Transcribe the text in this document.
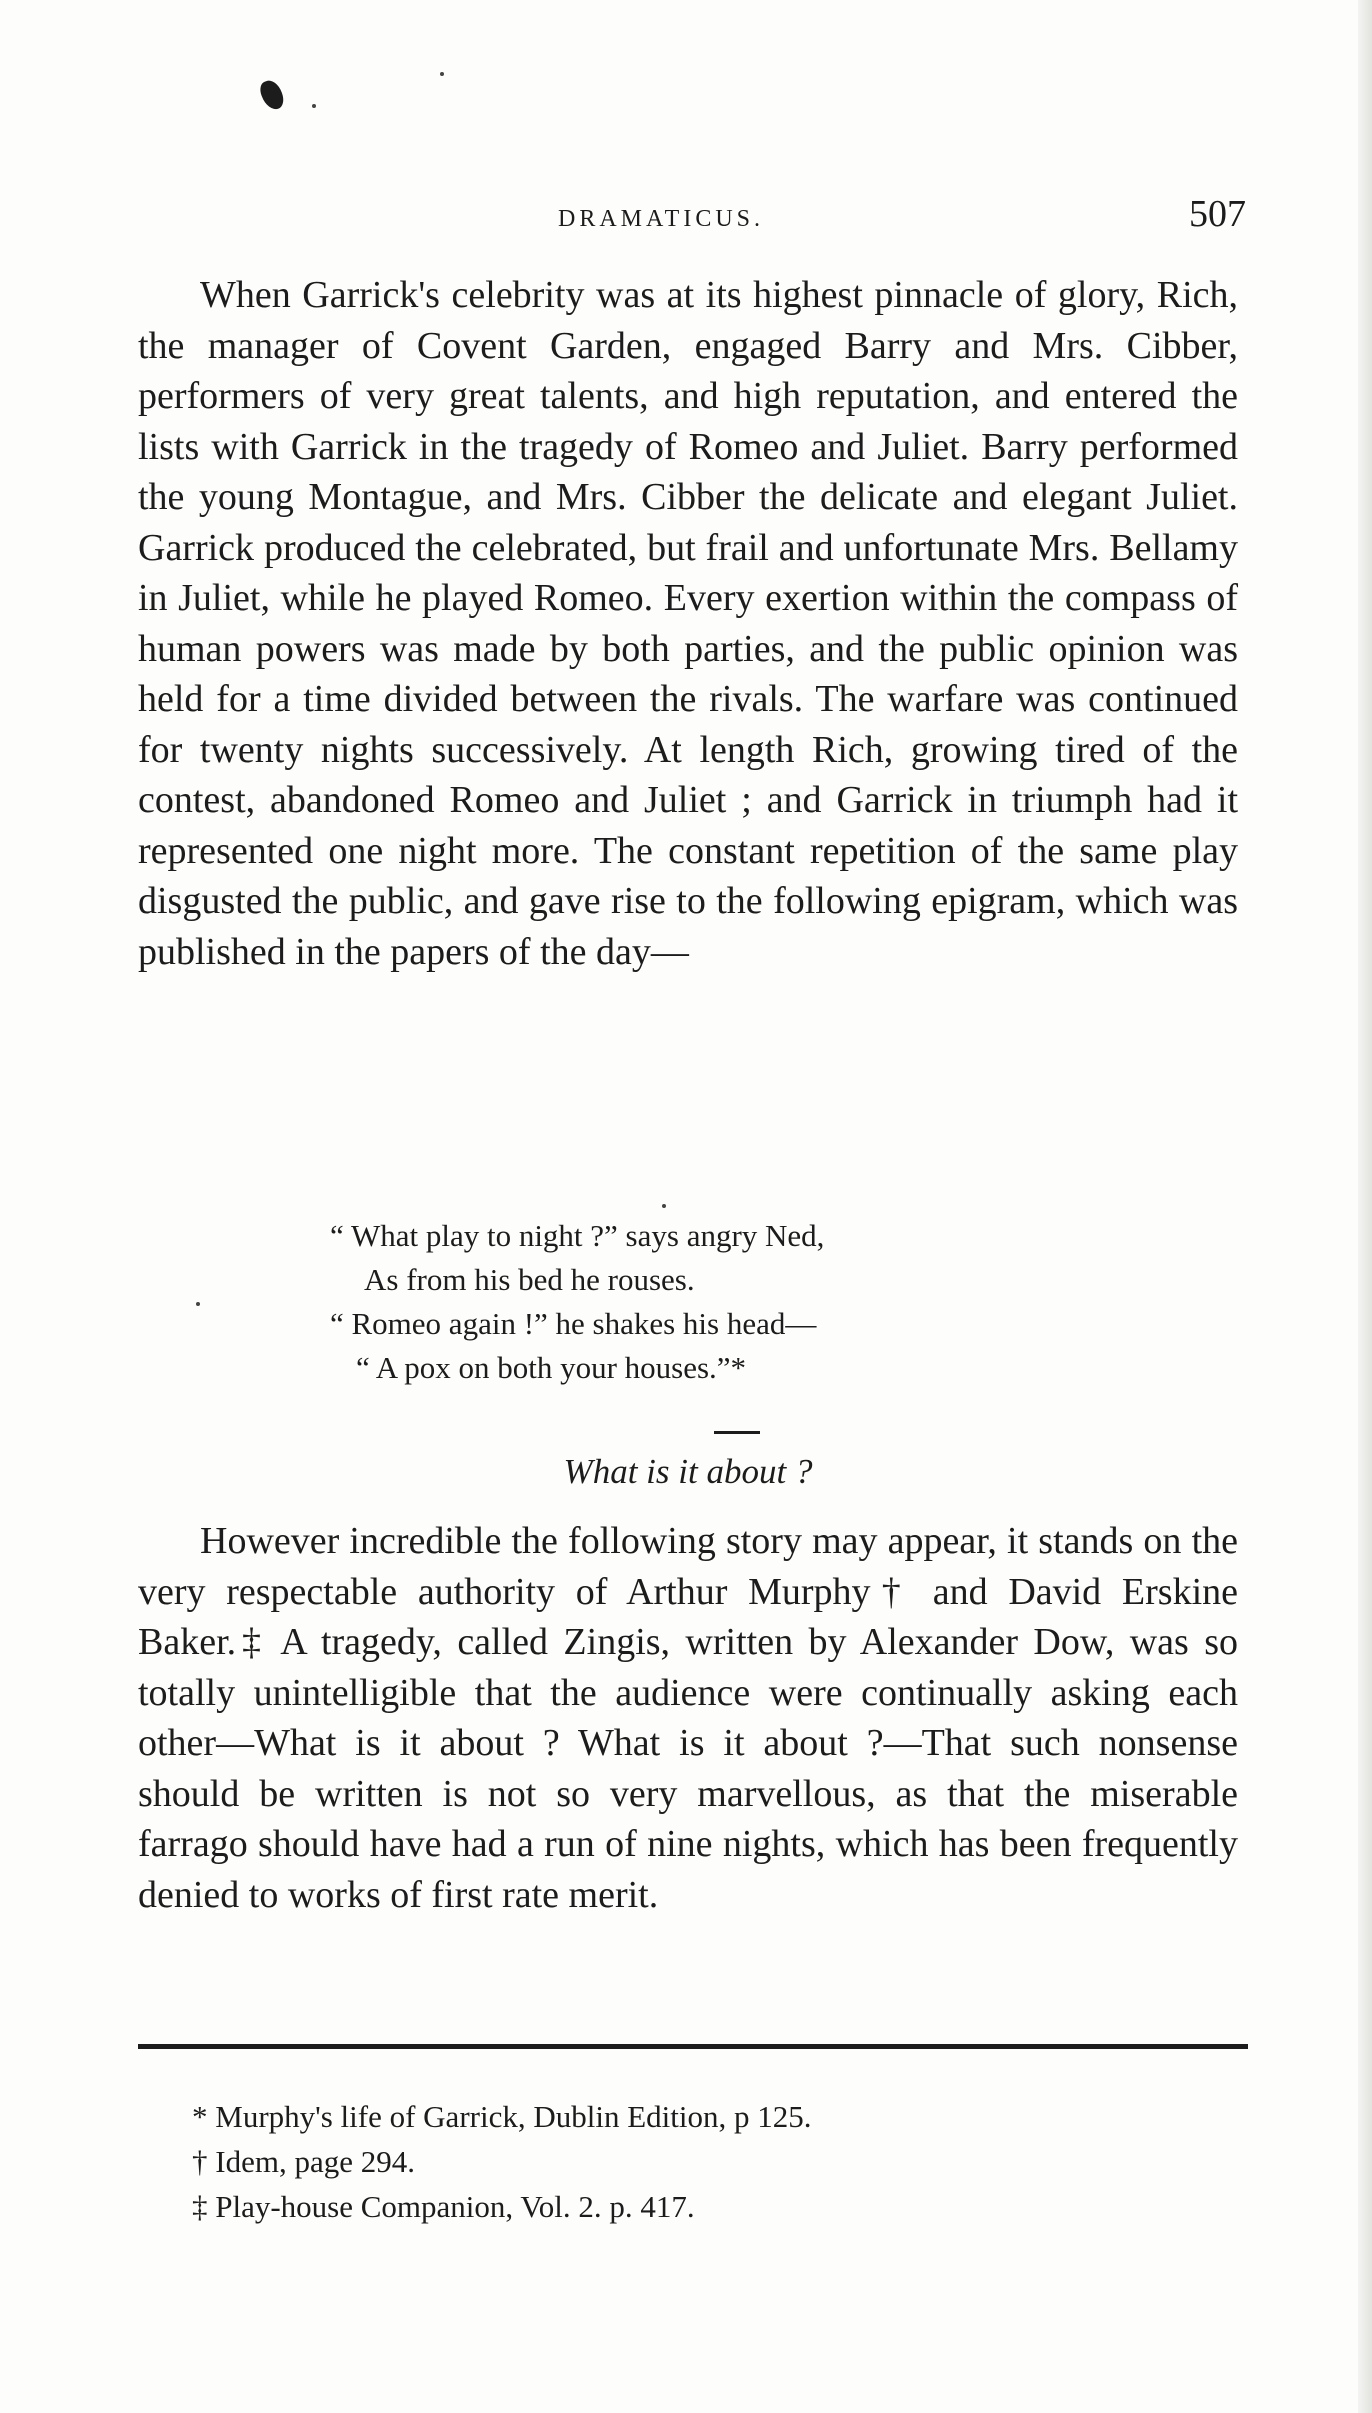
DRAMATICUS.	507

When Garrick's celebrity was at its highest pinnacle of glory, Rich, the manager of Covent Garden, engaged Barry and Mrs. Cibber, performers of very great talents, and high reputation, and entered the lists with Garrick in the tragedy of Romeo and Juliet. Barry performed the young Montague, and Mrs. Cibber the delicate and elegant Juliet. Garrick produced the celebrated, but frail and unfortunate Mrs. Bellamy in Juliet, while he played Romeo. Every exertion within the compass of human powers was made by both parties, and the public opinion was held for a time divided between the rivals. The warfare was continued for twenty nights successively. At length Rich, growing tired of the contest, abandoned Romeo and Juliet ; and Garrick in triumph had it represented one night more. The constant repetition of the same play disgusted the public, and gave rise to the following epigram, which was published in the papers of the day—

“ What play to night ?” says angry Ned,
As from his bed he rouses.
“ Romeo again !” he shakes his head—
“ A pox on both your houses.”*
What is it about ?

However incredible the following story may appear, it stands on the very respectable authority of Arthur Murphy† and David Erskine Baker.‡ A tragedy, called Zingis, written by Alexander Dow, was so totally unintelligible that the audience were continually asking each other—What is it about ? What is it about ?—That such nonsense should be written is not so very marvellous, as that the miserable farrago should have had a run of nine nights, which has been frequently denied to works of first rate merit.

* Murphy's life of Garrick, Dublin Edition, p 125.
† Idem, page 294.
‡ Play-house Companion, Vol. 2. p. 417.
